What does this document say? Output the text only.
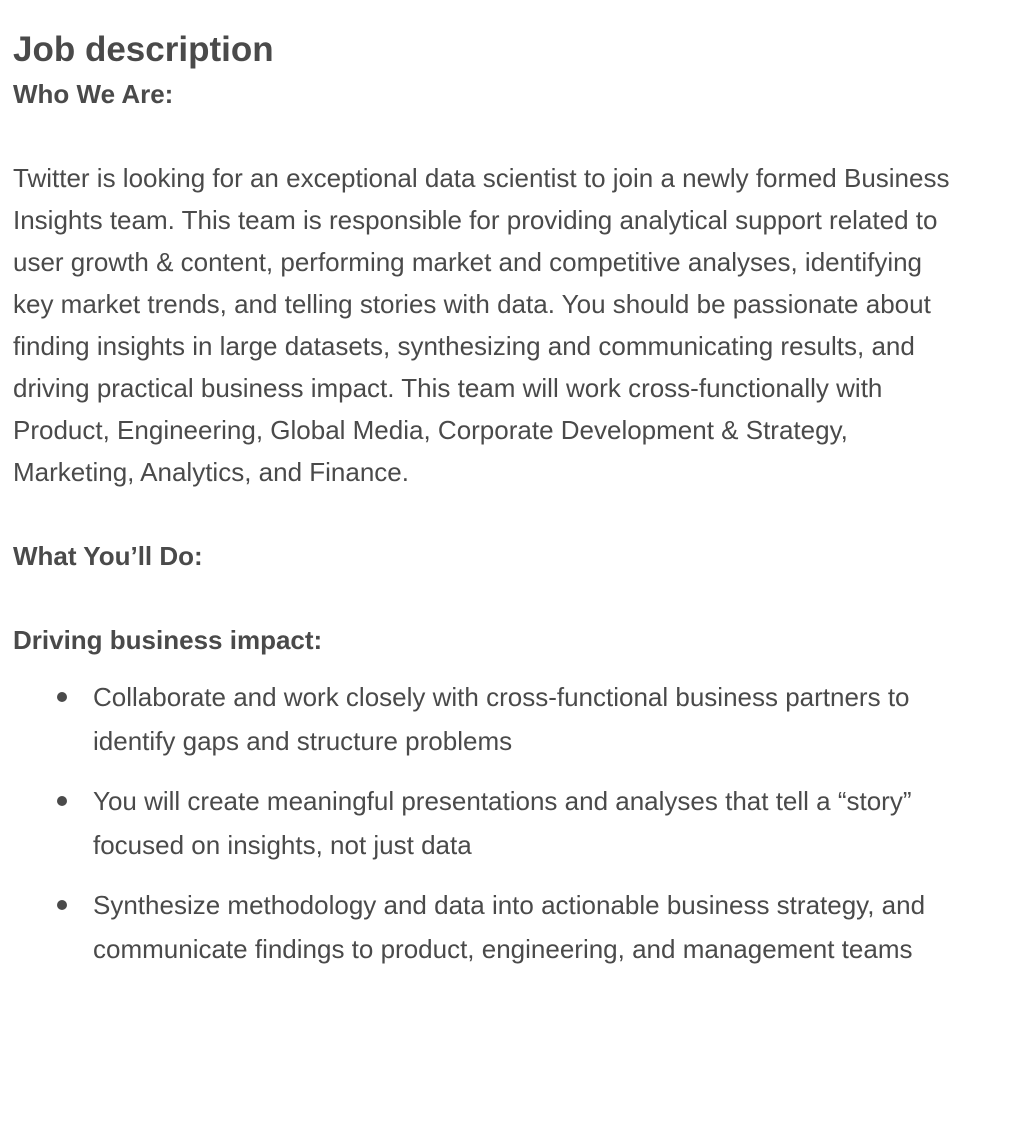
Job description

Who We Are:

Twitter is looking for an exceptional data scientist to join a newly formed Business Insights team. This team is responsible for providing analytical support related to user growth & content, performing market and competitive analyses, identifying key market trends, and telling stories with data. You should be passionate about finding insights in large datasets, synthesizing and communicating results, and driving practical business impact. This team will work cross-functionally with Product, Engineering, Global Media, Corporate Development & Strategy, Marketing, Analytics, and Finance.

What You’ll Do:

Driving business impact:

Collaborate and work closely with cross-functional business partners to identify gaps and structure problems
You will create meaningful presentations and analyses that tell a “story” focused on insights, not just data
Synthesize methodology and data into actionable business strategy, and communicate findings to product, engineering, and management teams
